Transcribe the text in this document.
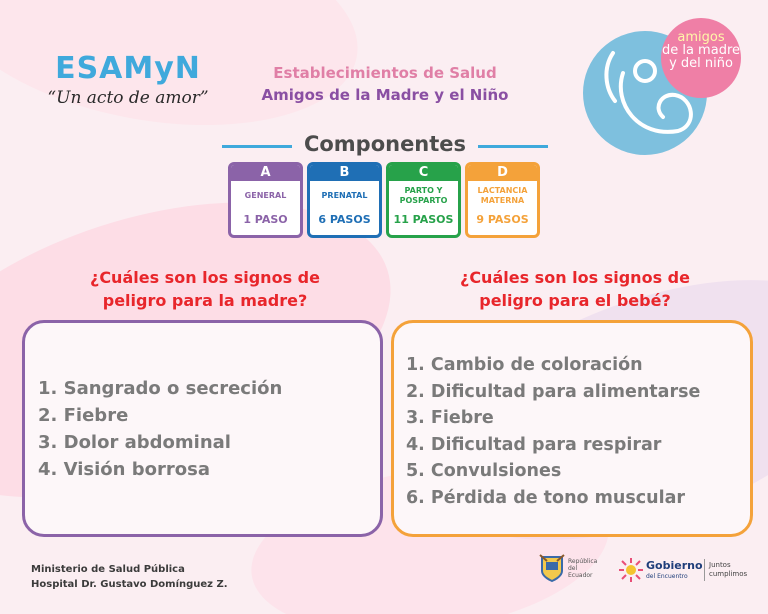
ESAMyN
“Un acto de amor”
Establecimientos de Salud
Amigos de la Madre y el Niño
amigos
de la madre
y del niño
Componentes
A
GENERAL
1 PASO
B
PRENATAL
6 PASOS
C
PARTO Y POSPARTO
11 PASOS
D
LACTANCIA MATERNA
9 PASOS
¿Cuáles son los signos de
peligro para la madre?
¿Cuáles son los signos de
peligro para el bebé?
1. Sangrado o secreción
2. Fiebre
3. Dolor abdominal
4. Visión borrosa
1. Cambio de coloración
2. Dificultad para alimentarse
3. Fiebre
4. Dificultad para respirar
5. Convulsiones
6. Pérdida de tono muscular
Ministerio de Salud Pública
Hospital Dr. Gustavo Domínguez Z.
República del Ecuador
Gobierno
del Encuentro
Juntos
cumplimos
